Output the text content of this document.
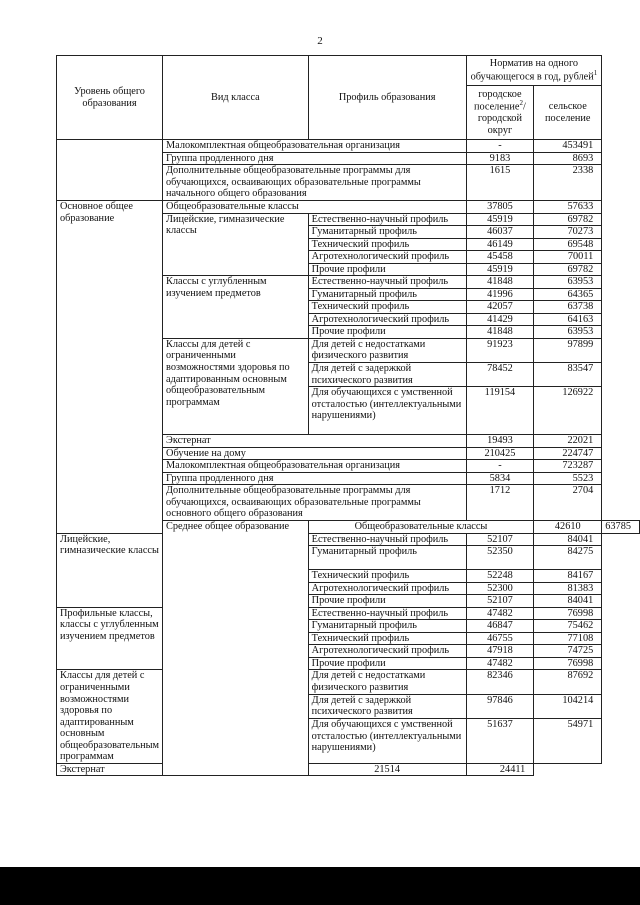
2
Уровень общего образования	Вид класса	Профиль образования	Норматив на одного обучающегося в год, рублей$^1$
			городское поселение$^2$/ городской округ	сельское поселение	
	Малокомплектная общеобразовательная организация		-	453491	
	Группа продленного дня		9183	8693	
	Дополнительные общеобразовательные программы для обучающихся, осваивающих образовательные программы начального общего образования		1615	2338	
Основное общее образование	Общеобразовательные классы		37805	57633	
	Лицейские, гимназические классы	Естественно-научный профиль	45919	69782	
		Гуманитарный профиль	46037	70273	
		Технический профиль	46149	69548	
		Агротехнологический профиль	45458	70011	
		Прочие профили	45919	69782	
	Классы с углубленным изучением предметов	Естественно-научный профиль	41848	63953	
		Гуманитарный профиль	41996	64365	
		Технический профиль	42057	63738	
		Агротехнологический профиль	41429	64163	
		Прочие профили	41848	63953	
	Классы для детей с ограниченными возможностями здоровья по адаптированным основным общеобразовательным программам	Для детей с недостатками физического развития	91923	97899	
		Для детей с задержкой психического развития	78452	83547	
		Для обучающихся с умственной отсталостью (интеллектуальными нарушениями)	119154	126922	
	Экстернат		19493	22021	
	Обучение на дому		210425	224747	
	Малокомплектная общеобразовательная организация		-	723287	
	Группа продленного дня		5834	5523	
	Дополнительные общеобразовательные программы для обучающихся, осваивающих образовательные программы основного общего образования		1712	2704	
	Среднее общее образование	Общеобразовательные классы		42610	63785
Лицейские, гимназические классы		Естественно-научный профиль	52107	84041	
		Гуманитарный профиль	52350	84275	
		Технический профиль	52248	84167	
		Агротехнологический профиль	52300	81383	
		Прочие профили	52107	84041	
Профильные классы, классы с углубленным изучением предметов		Естественно-научный профиль	47482	76998	
		Гуманитарный профиль	46847	75462	
		Технический профиль	46755	77108	
		Агротехнологический профиль	47918	74725	
		Прочие профили	47482	76998	
Классы для детей с ограниченными возможностями здоровья по адаптированным основным общеобразовательным программам		Для детей с недостатками физического развития	82346	87692	
		Для детей с задержкой психического развития	97846	104214	
		Для обучающихся с умственной отсталостью (интеллектуальными нарушениями)	51637	54971	
Экстернат		21514	24411		
